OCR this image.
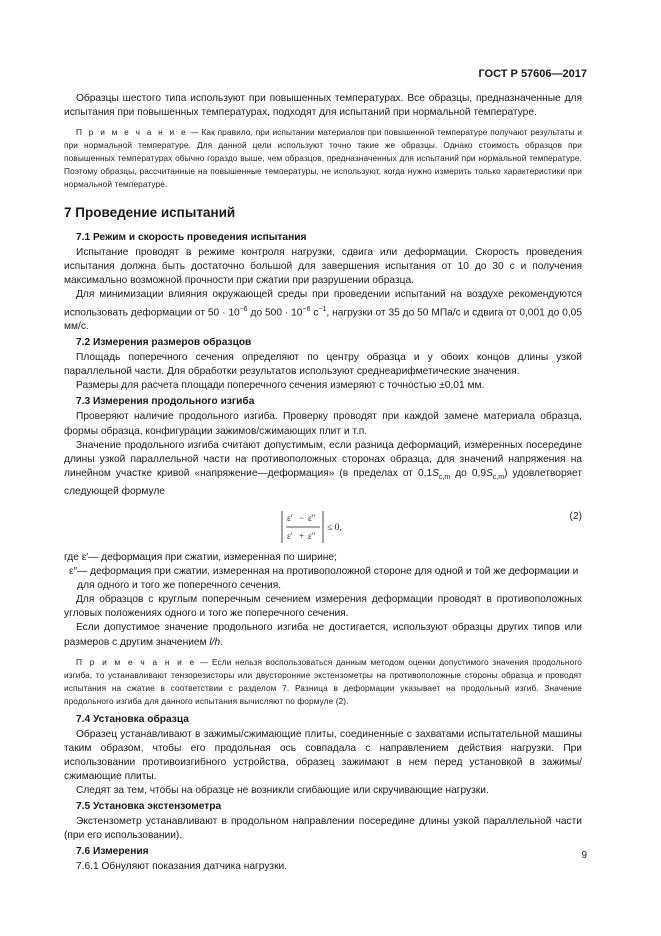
ГОСТ Р 57606—2017

Образцы шестого типа используют при повышенных температурах. Все образцы, предназначенные для испытания при повышенных температурах, подходят для испытаний при нормальной температуре.

П р и м е ч а н и е — Как правило, при испытании материалов при повышенной температуре получают результаты и при нормальной температуре. Для данной цели используют точно такие же образцы. Однако стоимость образцов при повышенных температурах обычно гораздо выше, чем образцов, предназначенных для испытаний при нормальной температуре. Поэтому образцы, рассчитанные на повышенные температуры, не используют, когда нужно измерить только характеристики при нормальной температуре.

7 Проведение испытаний
7.1 Режим и скорость проведения испытания

Испытание проводят в режиме контроля нагрузки, сдвига или деформации. Скорость проведения испытания должна быть достаточно большой для завершения испытания от 10 до 30 с и получения максимально возможной прочности при сжатии при разрушении образца.

Для минимизации влияния окружающей среды при проведении испытаний на воздухе рекомендуются использовать деформации от $50 \cdot 10^{-6}$ до $500 \cdot 10^{-6}$ $с^{-1}$, нагрузки от 35 до 50 МПа/с и сдвига от 0,001 до 0,05 мм/с.

7.2 Измерения размеров образцов

Площадь поперечного сечения определяют по центру образца и у обоих концов длины узкой параллельной части. Для обработки результатов используют среднеарифметические значения.

Размеры для расчета площади поперечного сечения измеряют с точностью ±0,01 мм.

7.3 Измерения продольного изгиба

Проверяют наличие продольного изгиба. Проверку проводят при каждой замене материала образца, формы образца, конфигурации зажимов/сжимающих плит и т.п.

Значение продольного изгиба считают допустимым, если разница деформаций, измеренных посередине длины узкой параллельной части на противоположных сторонах образца, для значений напряжения на линейном участке кривой «напряжение—деформация» (в пределах от $0,1S_{c,m}$ до $0,9S_{c,m}$) удовлетворяет следующей формуле

ε′ − ε″
ε′ + ε″
≤ 0,
(2)
где ε′ — деформация при сжатии, измеренная по ширине;
ε″ — деформация при сжатии, измеренная на противоположной стороне для одной и той же деформации и для одного и того же поперечного сечения.

Для образцов с круглым поперечным сечением измерения деформации проводят в противоположных угловых положениях одного и того же поперечного сечения.

Если допустимое значение продольного изгиба не достигается, используют образцы других типов или размеров с другим значением l/h.

П р и м е ч а н и е — Если нельзя воспользоваться данным методом оценки допустимого значения продольного изгиба, то устанавливают тензорезисторы или двусторонние экстензометры на противоположные стороны образца и проводят испытания на сжатие в соответствии с разделом 7. Разница в деформации указывает на продольный изгиб. Значение продольного изгиба для данного испытания вычисляют по формуле (2).

7.4 Установка образца

Образец устанавливают в зажимы/сжимающие плиты, соединенные с захватами испытательной машины таким образом, чтобы его продольная ось совпадала с направлением действия нагрузки. При использовании противоизгибного устройства, образец зажимают в нем перед установкой в зажимы/сжимающие плиты.

Следят за тем, чтобы на образце не возникли сгибающие или скручивающие нагрузки.

7.5 Установка экстензометра

Экстензометр устанавливают в продольном направлении посередине длины узкой параллельной части (при его использовании).

7.6 Измерения

7.6.1 Обнуляют показания датчика нагрузки.

9
